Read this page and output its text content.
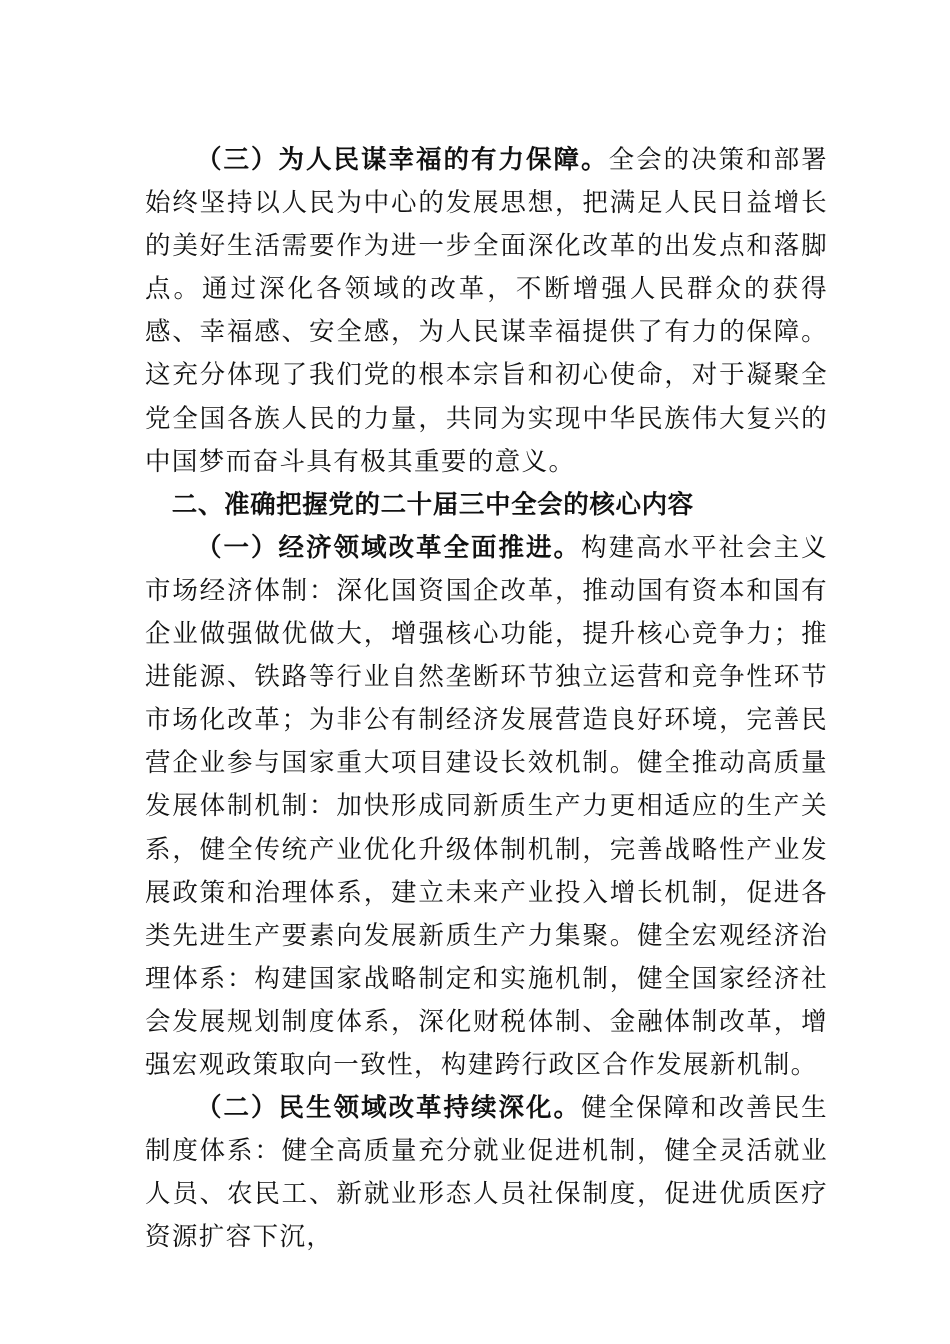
（三）为人民谋幸福的有力保障。全会的决策和部署始终坚持以人民为中心的发展思想，把满足人民日益增长的美好生活需要作为进一步全面深化改革的出发点和落脚点。通过深化各领域的改革，不断增强人民群众的获得感、幸福感、安全感，为人民谋幸福提供了有力的保障。这充分体现了我们党的根本宗旨和初心使命，对于凝聚全党全国各族人民的力量，共同为实现中华民族伟大复兴的中国梦而奋斗具有极其重要的意义。

二、准确把握党的二十届三中全会的核心内容

（一）经济领域改革全面推进。构建高水平社会主义市场经济体制：深化国资国企改革，推动国有资本和国有企业做强做优做大，增强核心功能，提升核心竞争力；推进能源、铁路等行业自然垄断环节独立运营和竞争性环节市场化改革；为非公有制经济发展营造良好环境，完善民营企业参与国家重大项目建设长效机制。健全推动高质量发展体制机制：加快形成同新质生产力更相适应的生产关系，健全传统产业优化升级体制机制，完善战略性产业发展政策和治理体系，建立未来产业投入增长机制，促进各类先进生产要素向发展新质生产力集聚。健全宏观经济治理体系：构建国家战略制定和实施机制，健全国家经济社会发展规划制度体系，深化财税体制、金融体制改革，增强宏观政策取向一致性，构建跨行政区合作发展新机制。

（二）民生领域改革持续深化。健全保障和改善民生制度体系：健全高质量充分就业促进机制，健全灵活就业人员、农民工、新就业形态人员社保制度，促进优质医疗资源扩容下沉，
